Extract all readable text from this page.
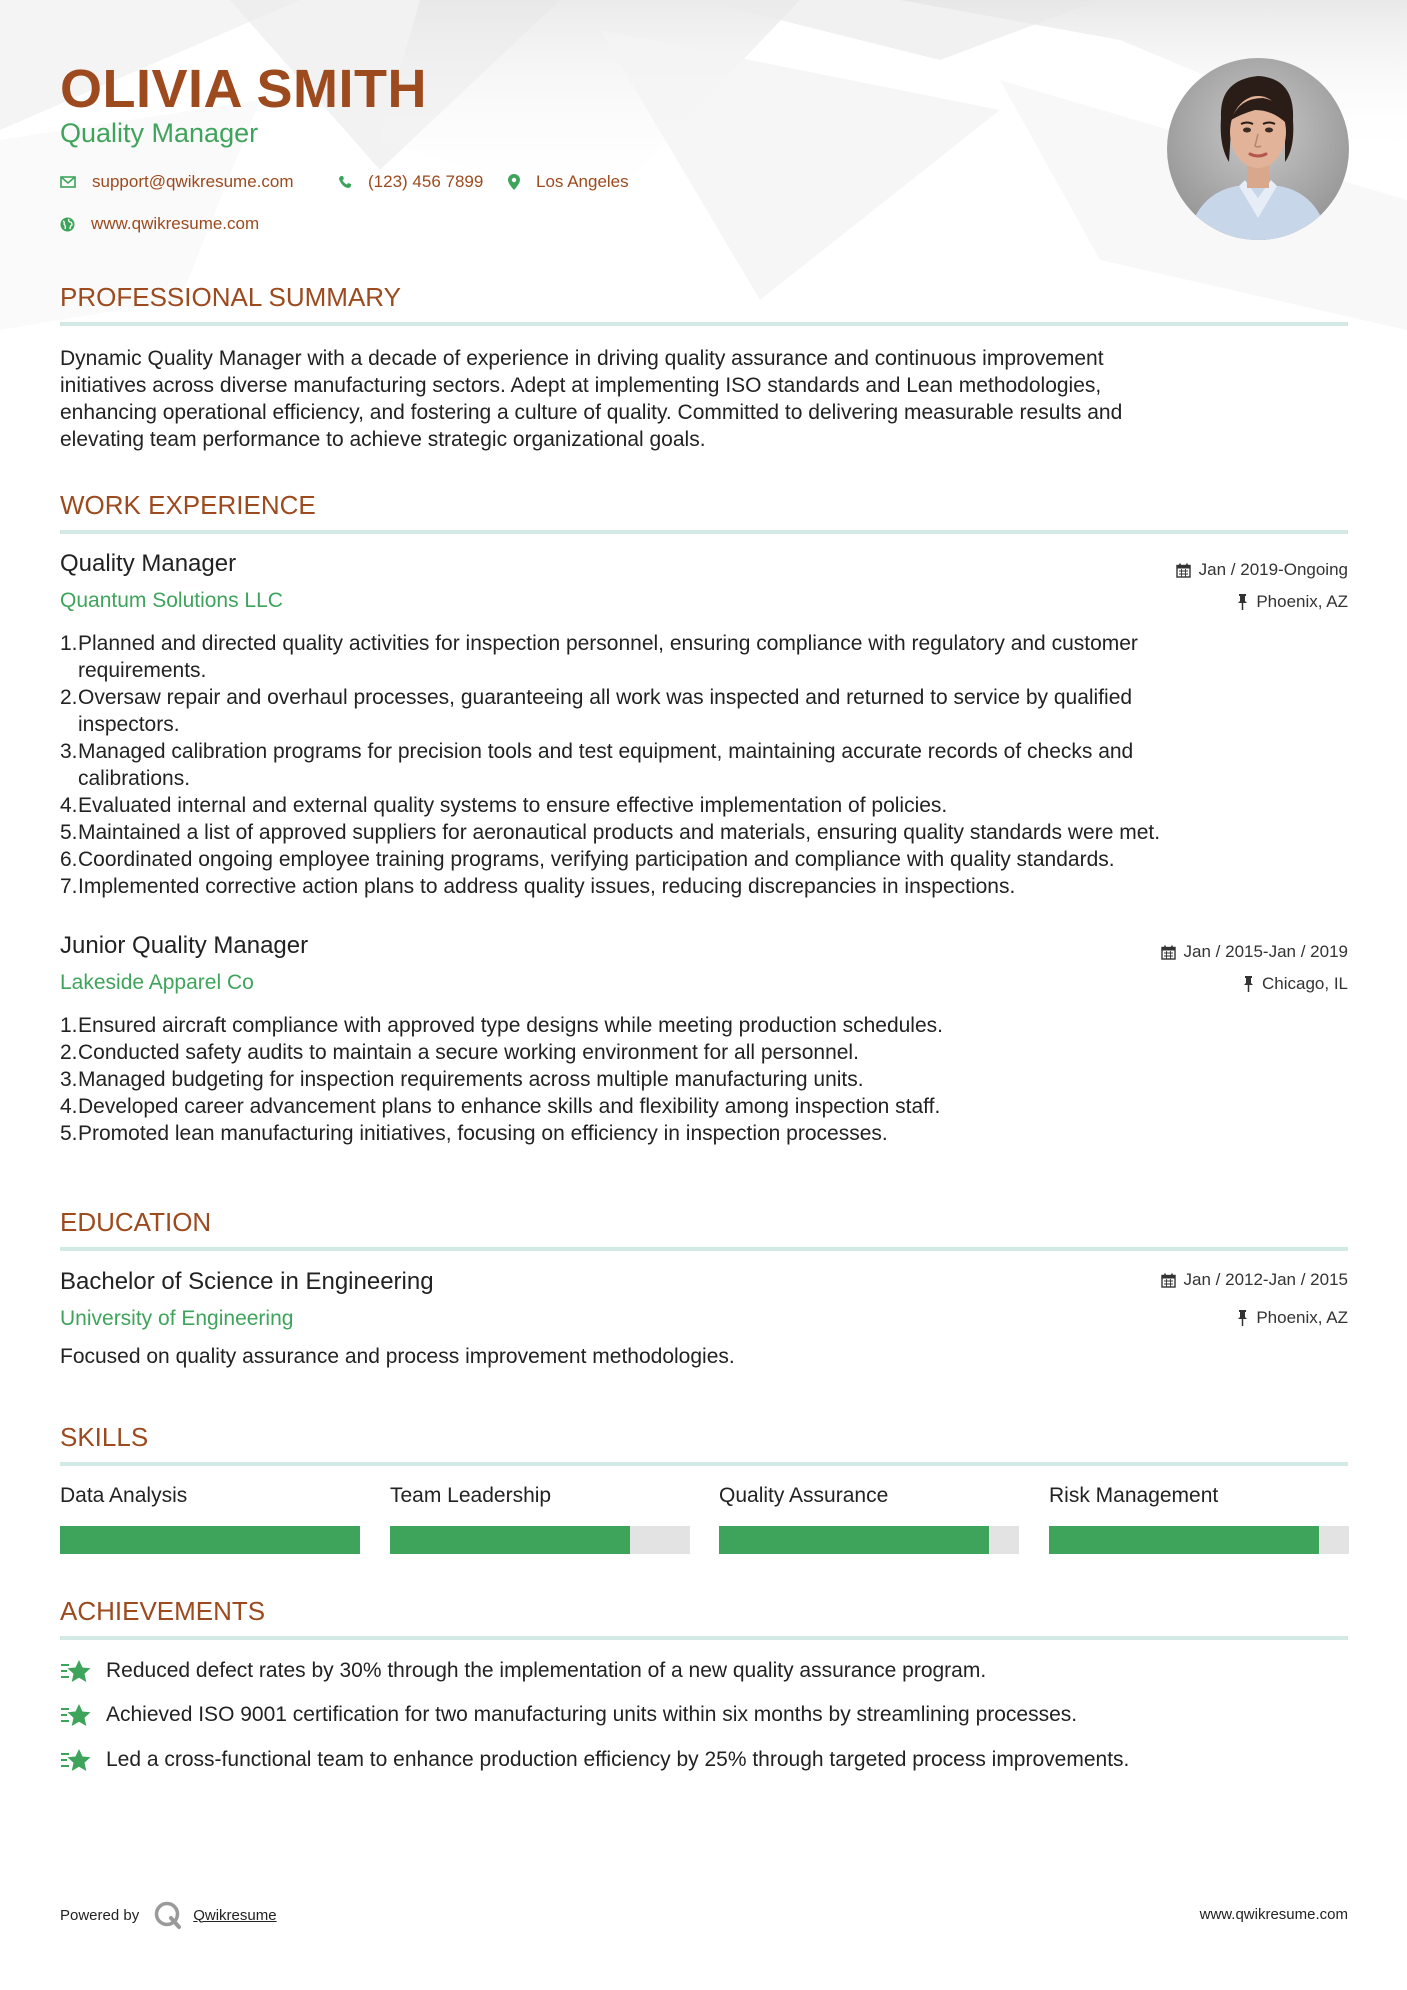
OLIVIA SMITH
Quality Manager
support@qwikresume.com	(123) 456 7899	Los Angeles
www.qwikresume.com
PROFESSIONAL SUMMARY
Dynamic Quality Manager with a decade of experience in driving quality assurance and continuous improvement
initiatives across diverse manufacturing sectors. Adept at implementing ISO standards and Lean methodologies,
enhancing operational efficiency, and fostering a culture of quality. Committed to delivering measurable results and
elevating team performance to achieve strategic organizational goals.
WORK EXPERIENCE
Quality Manager	Jan / 2019-Ongoing
Quantum Solutions LLC	Phoenix, AZ
1. Planned and directed quality activities for inspection personnel, ensuring compliance with regulatory and customer
requirements.
2. Oversaw repair and overhaul processes, guaranteeing all work was inspected and returned to service by qualified
inspectors.
3. Managed calibration programs for precision tools and test equipment, maintaining accurate records of checks and
calibrations.
4. Evaluated internal and external quality systems to ensure effective implementation of policies.
5. Maintained a list of approved suppliers for aeronautical products and materials, ensuring quality standards were met.
6. Coordinated ongoing employee training programs, verifying participation and compliance with quality standards.
7. Implemented corrective action plans to address quality issues, reducing discrepancies in inspections.
Junior Quality Manager	Jan / 2015-Jan / 2019
Lakeside Apparel Co	Chicago, IL
1. Ensured aircraft compliance with approved type designs while meeting production schedules.
2. Conducted safety audits to maintain a secure working environment for all personnel.
3. Managed budgeting for inspection requirements across multiple manufacturing units.
4. Developed career advancement plans to enhance skills and flexibility among inspection staff.
5. Promoted lean manufacturing initiatives, focusing on efficiency in inspection processes.
EDUCATION
Bachelor of Science in Engineering	Jan / 2012-Jan / 2015
University of Engineering	Phoenix, AZ
Focused on quality assurance and process improvement methodologies.
SKILLS
Data Analysis	Team Leadership	Quality Assurance	Risk Management
ACHIEVEMENTS
Reduced defect rates by 30% through the implementation of a new quality assurance program.
Achieved ISO 9001 certification for two manufacturing units within six months by streamlining processes.
Led a cross-functional team to enhance production efficiency by 25% through targeted process improvements.
Powered by	Qwikresume	www.qwikresume.com
